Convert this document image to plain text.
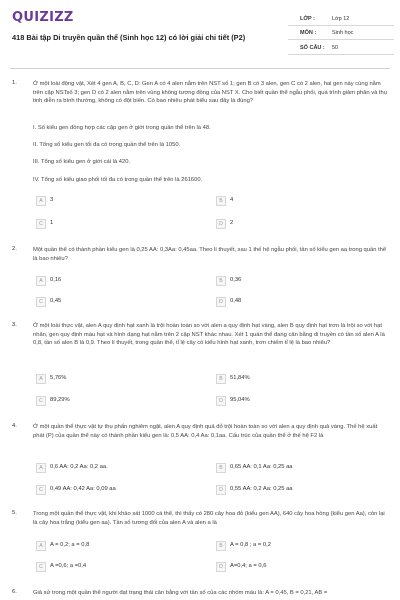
QUIZIZZ
418 Bài tập Di truyền quần thể (Sinh học 12) có lời giải chi tiết (P2)
LỚP :	Lớp 12
MÔN :	Sinh học
SỐ CÂU : 50
1.	Ở một loài động vật, Xét 4 gen A, B, C, D: Gen A có 4 alen nằm trên NST số 1; gen B có 3 alen, gen C có 2 alen, hai gen này cùng nằm trên cặp NSTsố 3; gen D có 2 alen nằm trên vùng không tương đồng của NST X. Cho biết quần thể ngẫu phối, quá trình giảm phân và thụ tinh diễn ra bình thường, không có đột biến. Có bao nhiêu phát biểu sau đây là đúng?
I. Số kiểu gen đồng hợp các cặp gen ở giới trong quần thể trên là 48.
II. Tổng số kiểu gen tối đa có trong quần thể trên là 1050.
III. Tổng số kiểu gen ở giới cái là 420.
IV. Tổng số kiểu giao phối tối đa có trong quần thể trên là 261600.
A	3	B	4
C	1	D	2
2.	Một quần thể có thành phần kiểu gen là 0,25 AA: 0,3Aa: 0,45aa. Theo lí thuyết, sau 1 thế hệ ngẫu phối, tần số kiểu gen aa trong quần thể là bao nhiêu?
A	0,16	B	0,36
C	0,45	D	0,48
3.	Ở một loài thực vật, alen A quy định hạt xanh là trội hoàn toàn so với alen a quy định hạt vàng, alen B quy định hạt trơn là trội so với hạt nhăn, gen quy định màu hạt và hình dạng hạt nằm trên 2 cặp NST khác nhau. Xét 1 quần thể đang cân bằng di truyền có tần số alen A là 0,8, tần số alen B là 0,9. Theo lí thuyết, trong quần thể, tỉ lệ cây có kiểu hình hạt xanh, trơn chiếm tỉ lệ là bao nhiêu?
A	5,76%	B	51,84%
C	89,29%	D	95,04%
4.	Ở một quần thể thực vật tự thụ phấn nghiêm ngặt, alen A quy định quả đỏ trội hoàn toàn so với alen a quy định quả vàng. Thế hệ xuất phát (P) của quần thể này có thành phần kiểu gen là: 0,5 AA: 0,4 Aa: 0,1aa. Cấu trúc của quần thể ở thế hệ F2 là
A	0,6 AA: 0,2 Aa: 0,2 aa.	B	0,65 AA: 0,1 Aa: 0,25 aa
C	0,49 AA: 0,42 Aa: 0,09 aa	D	0,55 AA: 0,2 Aa: 0,25 aa
5.	Trong một quần thể thực vật, khi khảo sát 1000 cá thể, thì thấy có 280 cây hoa đỏ (kiểu gen AA), 640 cây hoa hồng (kiểu gen Aa), còn lại là cây hoa trắng (kiểu gen aa). Tần số tương đối của alen A và alen a là
A	A = 0,2; a = 0,8	B	A = 0,8 ; a = 0,2
C	A =0,6; a =0,4	D	A=0,4; a = 0,6
6.	Giả sử trong một quần thể người đạt trạng thái cân bằng với tần số của các nhóm máu là: A = 0,45, B = 0,21, AB =
